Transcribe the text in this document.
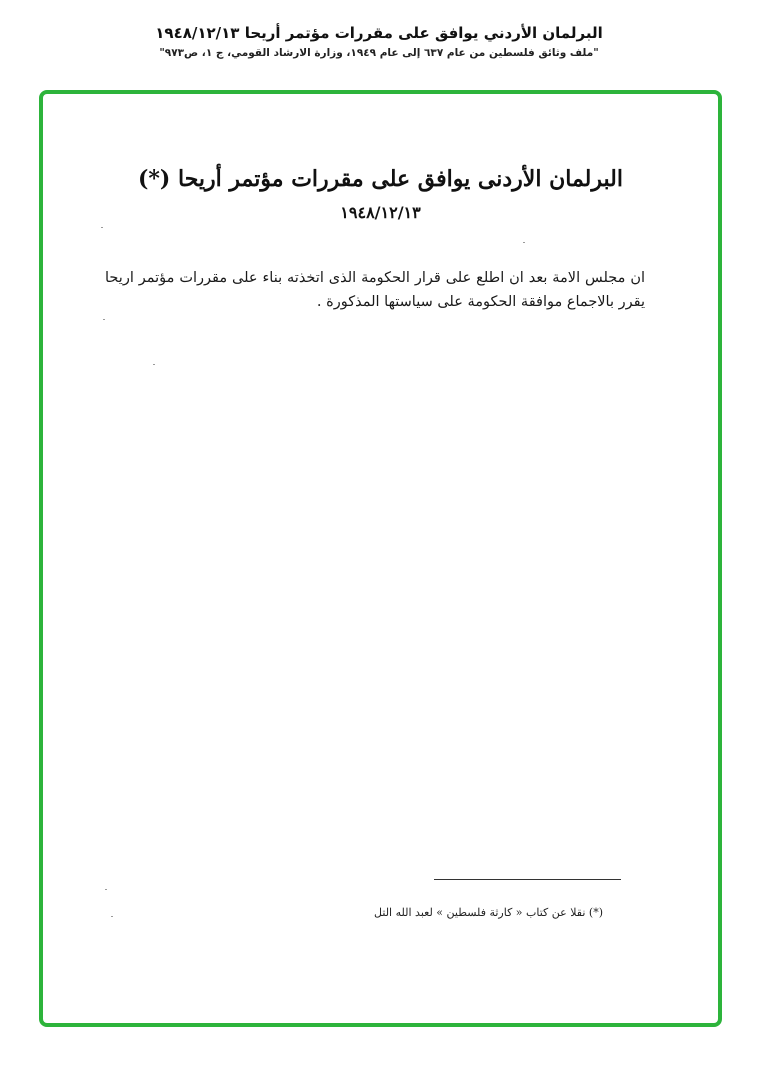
البرلمان الأردني يوافق على مقررات مؤتمر أريحا ١٩٤٨/١٢/١٣
"ملف وثائق فلسطين من عام ٦٣٧ إلى عام ١٩٤٩، وزارة الارشاد القومي، ج ١، ص٩٧٣"
البرلمان الأردنى يوافق على مقررات مؤتمر أريحا (*)
١٩٤٨/١٢/١٣
ان مجلس الامة بعد ان اطلع على قرار الحكومة الذى اتخذته بناء على مقررات مؤتمر اريحا يقرر بالاجماع موافقة الحكومة على سياستها المذكورة .
(*) نقلا عن كتاب « كارثة فلسطين » لعبد الله التل
